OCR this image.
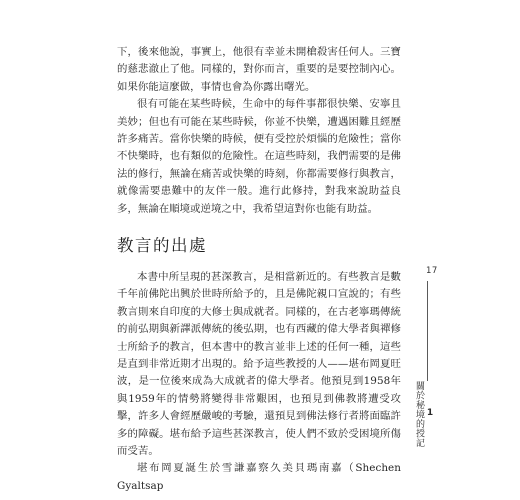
下，後來他說，事實上，他很有幸並未開槍殺害任何人。三寶的慈悲澈止了他。同樣的，對你而言，重要的是要控制內心。如果你能這麼做，事情也會為你露出曙光。

很有可能在某些時候，生命中的每件事都很快樂、安寧且美妙；但也有可能在某些時候，你並不快樂，遭遇困難且經歷許多痛苦。當你快樂的時候，便有受控於煩惱的危險性；當你不快樂時，也有類似的危險性。在這些時刻，我們需要的是佛法的修行，無論在痛苦或快樂的時刻，你都需要修行與教言，就像需要患難中的友伴一般。進行此修持，對我來說助益良多，無論在順境或逆境之中，我希望這對你也能有助益。

教言的出處

本書中所呈現的甚深教言，是相當新近的。有些教言是數千年前佛陀出興於世時所給予的，且是佛陀親口宣說的；有些教言則來自印度的大修士與成就者。同樣的，在古老寧瑪傳統的前弘期與新譯派傳統的後弘期，也有西藏的偉大學者與禪修士所給予的教言，但本書中的教言並非上述的任何一種，這些是直到非常近期才出現的。給予這些教授的人——堪布岡夏旺波，是一位後來成為大成就者的偉大學者。他預見到1958年與1959年的情勢將變得非常艱困，也預見到佛教將遭受攻擊，許多人會經歷嚴峻的考驗，還預見到佛法修行者將面臨許多的障礙。堪布給予這些甚深教言，使人們不致於受困境所傷而受苦。

堪布岡夏誕生於雪謙嘉察久美貝瑪南嘉（Shechen Gyaltsap

17
1
關於秘境的授記
